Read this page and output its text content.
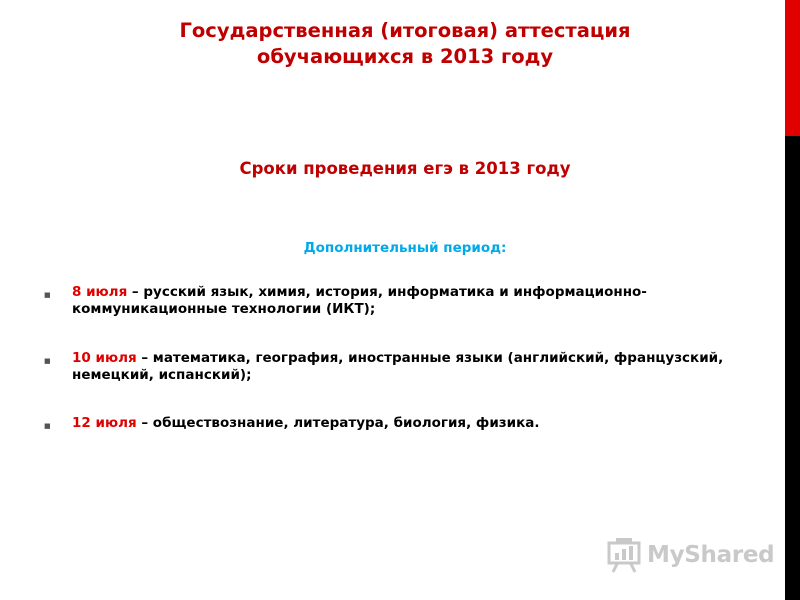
Государственная (итоговая) аттестация
обучающихся в 2013 году
Сроки проведения егэ в 2013 году
Дополнительный период:
■ 8 июля – русский язык, химия, история, информатика и информационно-коммуникационные технологии (ИКТ);
■ 10 июля – математика, география, иностранные языки (английский, французский, немецкий, испанский);
■ 12 июля – обществознание, литература, биология, физика.
MyShared
